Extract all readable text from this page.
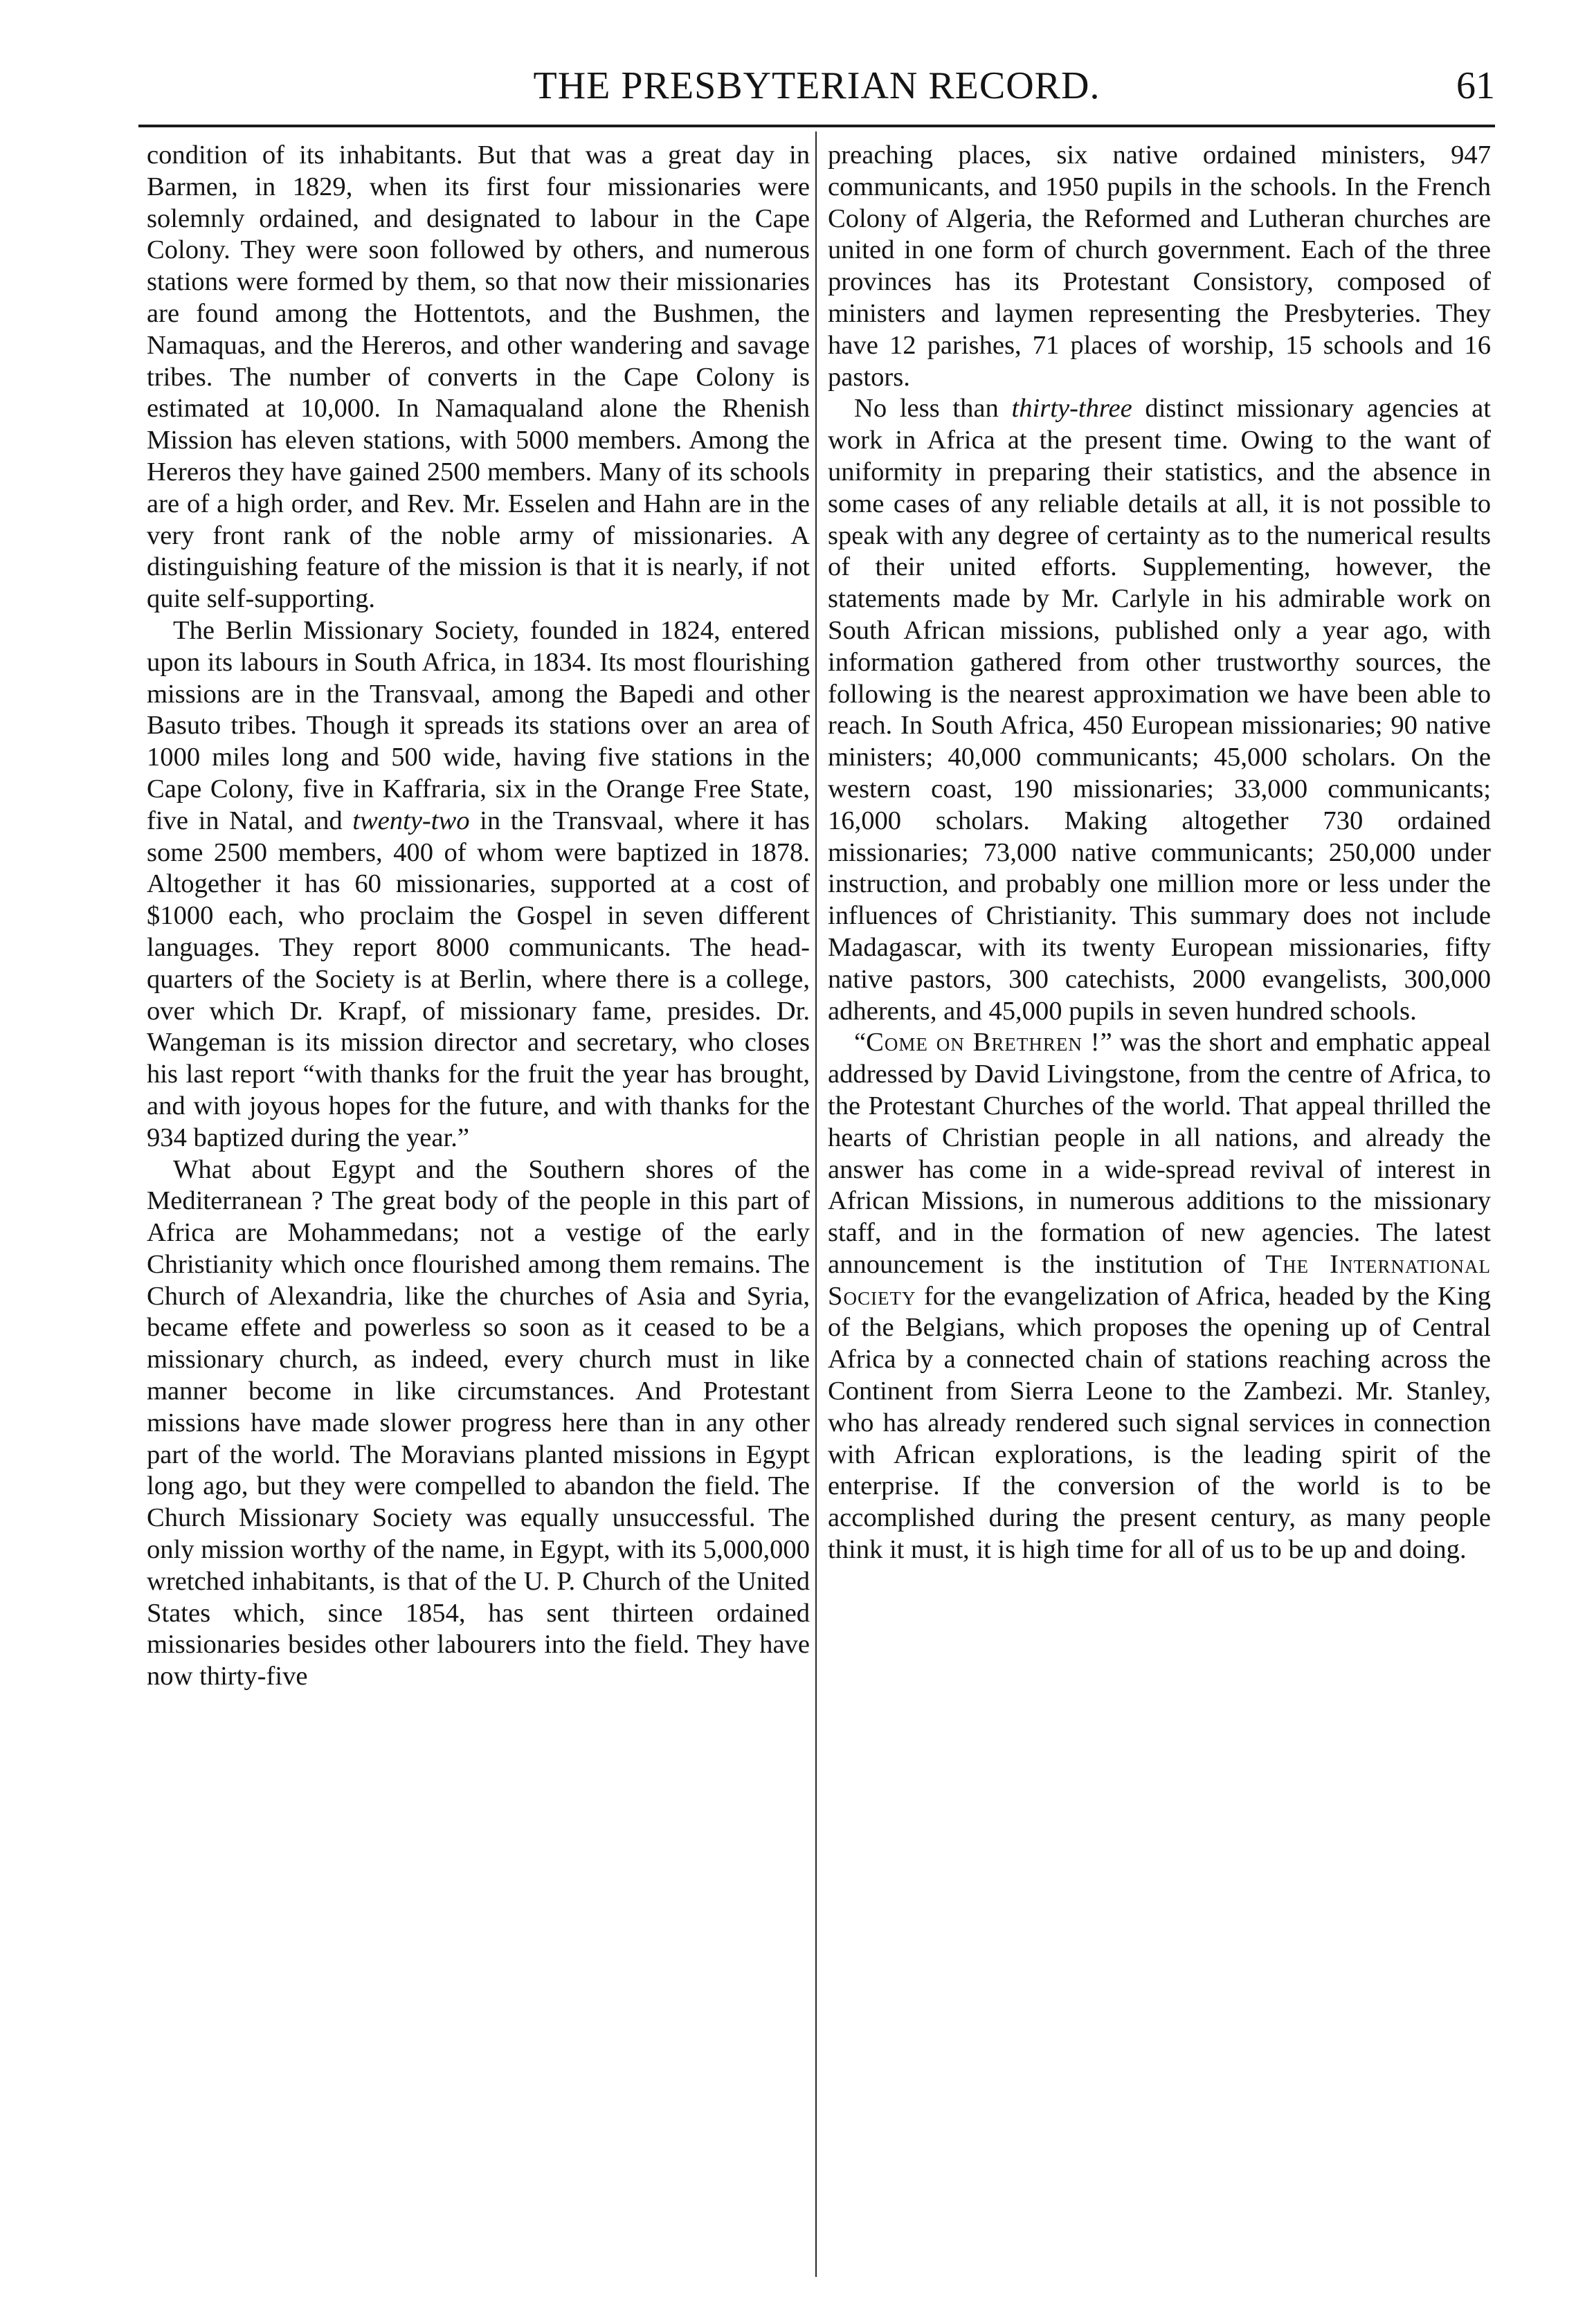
THE PRESBYTERIAN RECORD.	61

condition of its inhabitants. But that was a great day in Barmen, in 1829, when its first four missionaries were solemnly ordained, and designated to labour in the Cape Colony. They were soon followed by others, and numerous stations were formed by them, so that now their missionaries are found among the Hottentots, and the Bushmen, the Namaquas, and the Hereros, and other wandering and savage tribes. The number of converts in the Cape Colony is estimated at 10,000. In Namaqualand alone the Rhenish Mission has eleven stations, with 5000 members. Among the Hereros they have gained 2500 members. Many of its schools are of a high order, and Rev. Mr. Esselen and Hahn are in the very front rank of the noble army of missionaries. A distinguishing feature of the mission is that it is nearly, if not quite self-supporting.

The Berlin Missionary Society, founded in 1824, entered upon its labours in South Africa, in 1834. Its most flourishing missions are in the Transvaal, among the Bapedi and other Basuto tribes. Though it spreads its stations over an area of 1000 miles long and 500 wide, having five stations in the Cape Colony, five in Kaffraria, six in the Orange Free State, five in Natal, and twenty-two in the Transvaal, where it has some 2500 members, 400 of whom were baptized in 1878. Altogether it has 60 missionaries, supported at a cost of $1000 each, who proclaim the Gospel in seven different languages. They report 8000 communicants. The head-quarters of the Society is at Berlin, where there is a college, over which Dr. Krapf, of missionary fame, presides. Dr. Wangeman is its mission director and secretary, who closes his last report “with thanks for the fruit the year has brought, and with joyous hopes for the future, and with thanks for the 934 baptized during the year.”

What about Egypt and the Southern shores of the Mediterranean ? The great body of the people in this part of Africa are Mohammedans; not a vestige of the early Christianity which once flourished among them remains. The Church of Alexandria, like the churches of Asia and Syria, became effete and powerless so soon as it ceased to be a missionary church, as indeed, every church must in like manner become in like circumstances. And Protestant missions have made slower progress here than in any other part of the world. The Moravians planted missions in Egypt long ago, but they were compelled to abandon the field. The Church Missionary Society was equally unsuccessful. The only mission worthy of the name, in Egypt, with its 5,000,000 wretched inhabitants, is that of the U. P. Church of the United States which, since 1854, has sent thirteen ordained missionaries besides other labourers into the field. They have now thirty-five

preaching places, six native ordained ministers, 947 communicants, and 1950 pupils in the schools. In the French Colony of Algeria, the Reformed and Lutheran churches are united in one form of church government. Each of the three provinces has its Protestant Consistory, composed of ministers and laymen representing the Presbyteries. They have 12 parishes, 71 places of worship, 15 schools and 16 pastors.

No less than thirty-three distinct missionary agencies at work in Africa at the present time. Owing to the want of uniformity in preparing their statistics, and the absence in some cases of any reliable details at all, it is not possible to speak with any degree of certainty as to the numerical results of their united efforts. Supplementing, however, the statements made by Mr. Carlyle in his admirable work on South African missions, published only a year ago, with information gathered from other trustworthy sources, the following is the nearest approximation we have been able to reach. In South Africa, 450 European missionaries; 90 native ministers; 40,000 communicants; 45,000 scholars. On the western coast, 190 missionaries; 33,000 communicants; 16,000 scholars. Making altogether 730 ordained missionaries; 73,000 native communicants; 250,000 under instruction, and probably one million more or less under the influences of Christianity. This summary does not include Madagascar, with its twenty European missionaries, fifty native pastors, 300 catechists, 2000 evangelists, 300,000 adherents, and 45,000 pupils in seven hundred schools.

“Come on Brethren !” was the short and emphatic appeal addressed by David Livingstone, from the centre of Africa, to the Protestant Churches of the world. That appeal thrilled the hearts of Christian people in all nations, and already the answer has come in a wide-spread revival of interest in African Missions, in numerous additions to the missionary staff, and in the formation of new agencies. The latest announcement is the institution of The International Society for the evangelization of Africa, headed by the King of the Belgians, which proposes the opening up of Central Africa by a connected chain of stations reaching across the Continent from Sierra Leone to the Zambezi. Mr. Stanley, who has already rendered such signal services in connection with African explorations, is the leading spirit of the enterprise. If the conversion of the world is to be accomplished during the present century, as many people think it must, it is high time for all of us to be up and doing.
